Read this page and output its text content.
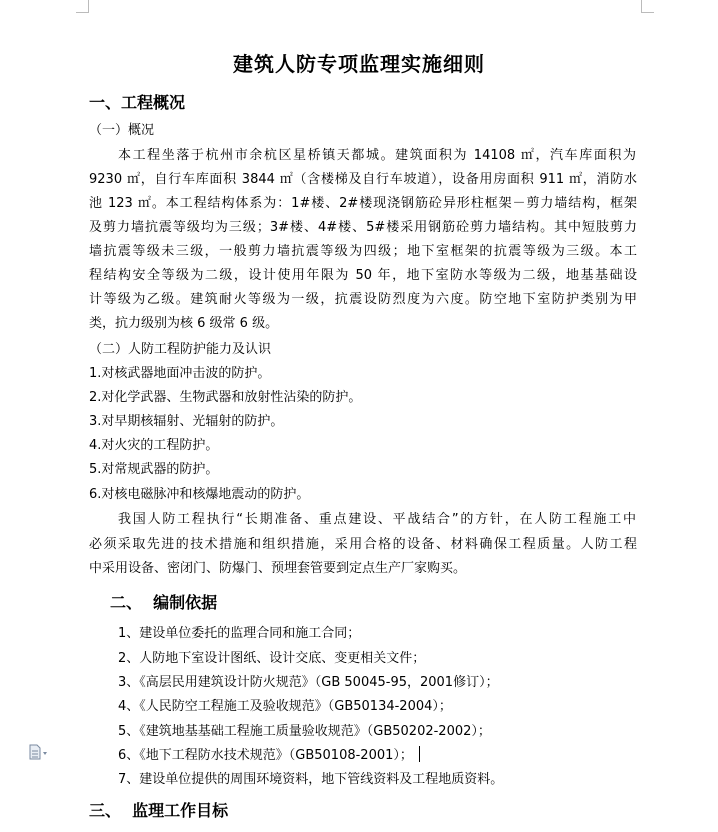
建筑人防专项监理实施细则
一、工程概况
（一）概况
本工程坐落于杭州市余杭区星桥镇天都城。建筑面积为 14108 ㎡，汽车库面积为
9230 ㎡，自行车库面积 3844 ㎡（含楼梯及自行车坡道），设备用房面积 911 ㎡，消防水
池 123 ㎡。本工程结构体系为：1#楼、2#楼现浇钢筋砼异形柱框架－剪力墙结构，框架
及剪力墙抗震等级均为三级；3#楼、4#楼、5#楼采用钢筋砼剪力墙结构。其中短肢剪力
墙抗震等级未三级，一般剪力墙抗震等级为四级；地下室框架的抗震等级为三级。本工
程结构安全等级为二级，设计使用年限为 50 年，地下室防水等级为二级，地基基础设
计等级为乙级。建筑耐火等级为一级，抗震设防烈度为六度。防空地下室防护类别为甲
类，抗力级别为核 6 级常 6 级。
（二）人防工程防护能力及认识
1.对核武器地面冲击波的防护。
2.对化学武器、生物武器和放射性沾染的防护。
3.对早期核辐射、光辐射的防护。
4.对火灾的工程防护。
5.对常规武器的防护。
6.对核电磁脉冲和核爆地震动的防护。
我国人防工程执行“长期准备、重点建设、平战结合”的方针，在人防工程施工中
必须采取先进的技术措施和组织措施，采用合格的设备、材料确保工程质量。人防工程
中采用设备、密闭门、防爆门、预埋套管要到定点生产厂家购买。
二、  编制依据
1、建设单位委托的监理合同和施工合同；
2、人防地下室设计图纸、设计交底、变更相关文件；
3、《高层民用建筑设计防火规范》（GB 50045-95，2001修订）；
4、《人民防空工程施工及验收规范》（GB50134-2004）；
5、《建筑地基基础工程施工质量验收规范》（GB50202-2002）；
6、《地下工程防水技术规范》（GB50108-2001）；
7、建设单位提供的周围环境资料，地下管线资料及工程地质资料。
三、  监理工作目标
